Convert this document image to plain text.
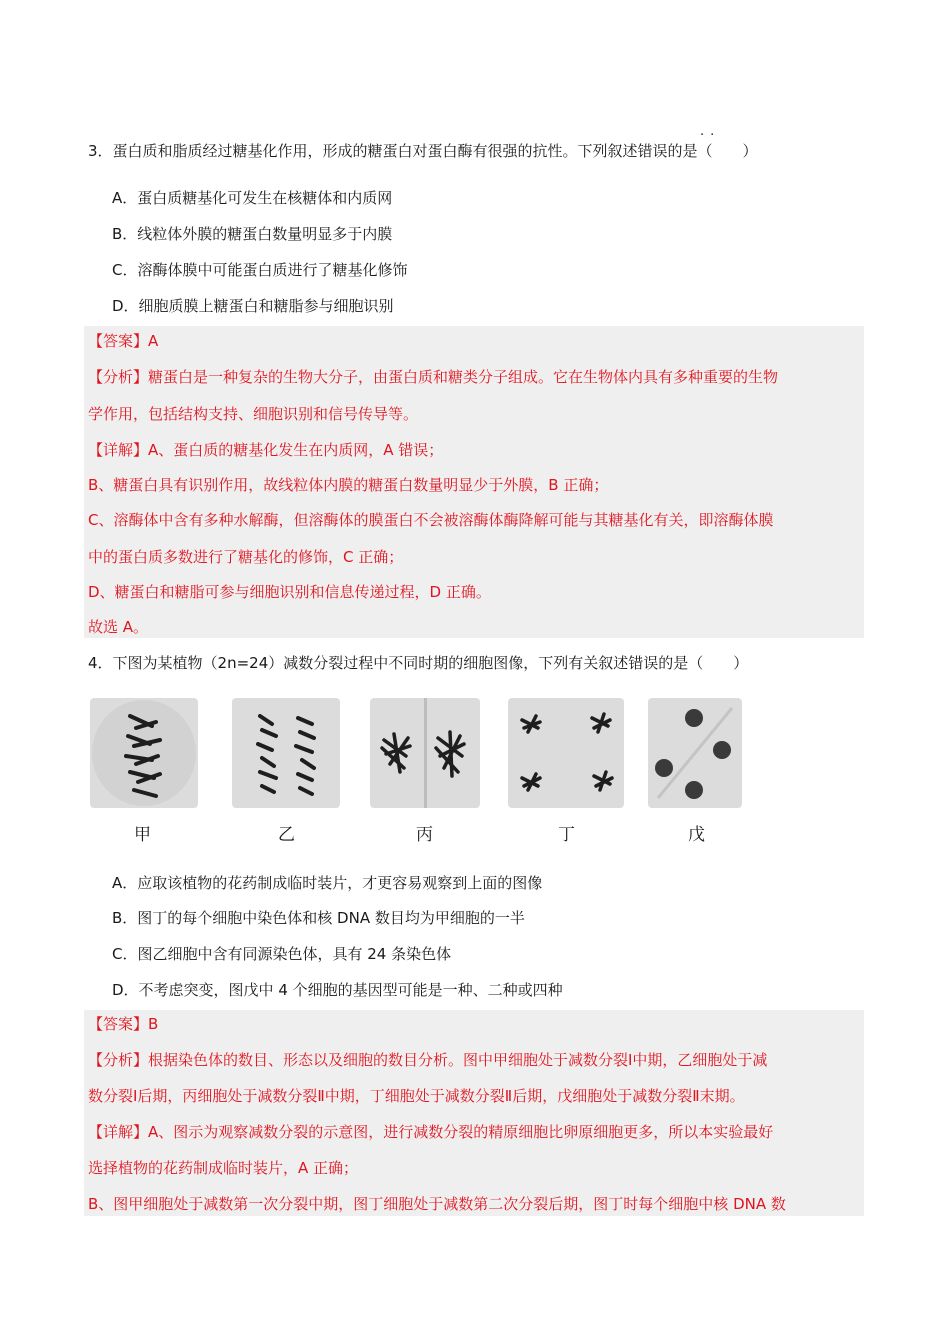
··
3．蛋白质和脂质经过糖基化作用，形成的糖蛋白对蛋白酶有很强的抗性。下列叙述错误的是（　　）
A．蛋白质糖基化可发生在核糖体和内质网
B．线粒体外膜的糖蛋白数量明显多于内膜
C．溶酶体膜中可能蛋白质进行了糖基化修饰
D．细胞质膜上糖蛋白和糖脂参与细胞识别
【答案】A
【分析】糖蛋白是一种复杂的生物大分子，由蛋白质和糖类分子组成。它在生物体内具有多种重要的生物
学作用，包括结构支持、细胞识别和信号传导等。
【详解】A、蛋白质的糖基化发生在内质网，A 错误；
B、糖蛋白具有识别作用，故线粒体内膜的糖蛋白数量明显少于外膜，B 正确；
C、溶酶体中含有多种水解酶，但溶酶体的膜蛋白不会被溶酶体酶降解可能与其糖基化有关，即溶酶体膜
中的蛋白质多数进行了糖基化的修饰，C 正确；
D、糖蛋白和糖脂可参与细胞识别和信息传递过程，D 正确。
故选 A。
4．下图为某植物（2n=24）减数分裂过程中不同时期的细胞图像，下列有关叙述错误的是（　　）
甲	乙	丙	丁	戊
A．应取该植物的花药制成临时装片，才更容易观察到上面的图像
B．图丁的每个细胞中染色体和核 DNA 数目均为甲细胞的一半
C．图乙细胞中含有同源染色体，具有 24 条染色体
D．不考虑突变，图戊中 4 个细胞的基因型可能是一种、二种或四种
【答案】B
【分析】根据染色体的数目、形态以及细胞的数目分析。图中甲细胞处于减数分裂Ⅰ中期，乙细胞处于减
数分裂Ⅰ后期，丙细胞处于减数分裂Ⅱ中期，丁细胞处于减数分裂Ⅱ后期，戊细胞处于减数分裂Ⅱ末期。
【详解】A、图示为观察减数分裂的示意图，进行减数分裂的精原细胞比卵原细胞更多，所以本实验最好
选择植物的花药制成临时装片，A 正确；
B、图甲细胞处于减数第一次分裂中期，图丁细胞处于减数第二次分裂后期，图丁时每个细胞中核 DNA 数
